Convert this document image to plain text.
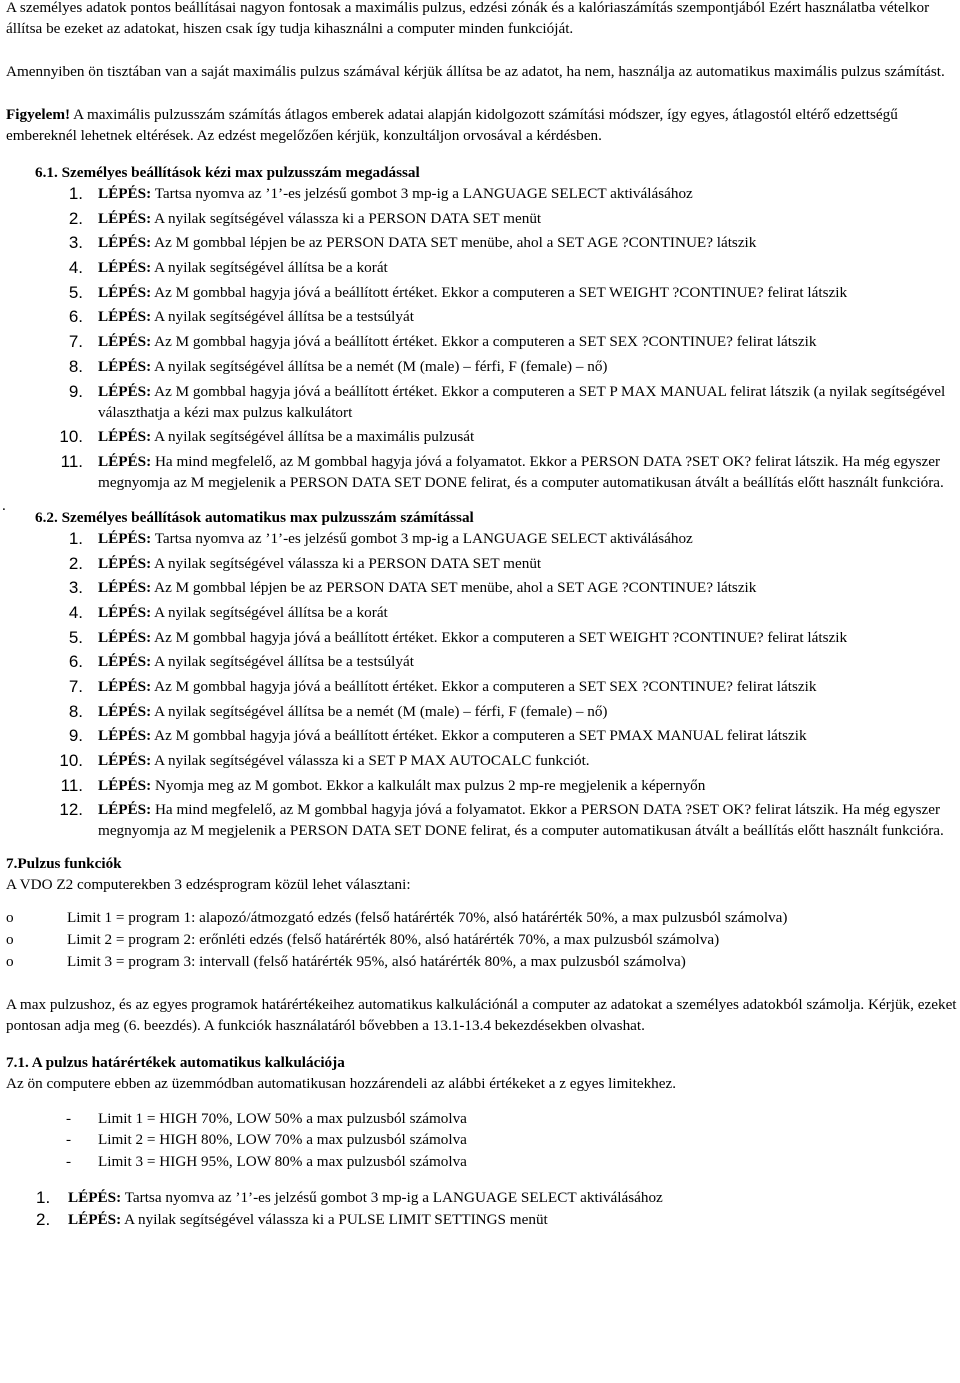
A személyes adatok pontos beállításai nagyon fontosak a maximális pulzus, edzési zónák és a kalóriaszámítás szempontjából Ezért használatba vételkor állítsa be ezeket az adatokat, hiszen csak így tudja kihasználni a computer minden funkcióját.

Amennyiben ön tisztában van a saját maximális pulzus számával kérjük állítsa be az adatot, ha nem, használja az automatikus maximális pulzus számítást.

Figyelem! A maximális pulzusszám számítás átlagos emberek adatai alapján kidolgozott számítási módszer, így egyes, átlagostól eltérő edzettségű embereknél lehetnek eltérések. Az edzést megelőzően kérjük, konzultáljon orvosával a kérdésben.

6.1. Személyes beállítások kézi max pulzusszám megadással

1. LÉPÉS: Tartsa nyomva az ’1’-es jelzésű gombot 3 mp-ig a LANGUAGE SELECT aktiválásához
2. LÉPÉS: A nyilak segítségével válassza ki a PERSON DATA SET menüt
3. LÉPÉS: Az M gombbal lépjen be az PERSON DATA SET menübe, ahol a SET AGE ?CONTINUE? látszik
4. LÉPÉS: A nyilak segítségével állítsa be a korát
5. LÉPÉS: Az M gombbal hagyja jóvá a beállított értéket. Ekkor a computeren a SET WEIGHT ?CONTINUE? felirat látszik
6. LÉPÉS: A nyilak segítségével állítsa be a testsúlyát
7. LÉPÉS: Az M gombbal hagyja jóvá a beállított értéket. Ekkor a computeren a SET SEX ?CONTINUE? felirat látszik
8. LÉPÉS: A nyilak segítségével állítsa be a nemét (M (male) – férfi, F (female) – nő)
9. LÉPÉS: Az M gombbal hagyja jóvá a beállított értéket. Ekkor a computeren a SET P MAX MANUAL felirat látszik (a nyilak segítségével választhatja a kézi max pulzus kalkulátort
10. LÉPÉS: A nyilak segítségével állítsa be a maximális pulzusát
11. LÉPÉS: Ha mind megfelelő, az M gombbal hagyja jóvá a folyamatot. Ekkor a PERSON DATA ?SET OK? felirat látszik. Ha még egyszer megnyomja az M megjelenik a PERSON DATA SET DONE felirat, és a computer automatikusan átvált a beállítás előtt használt funkcióra.
.

6.2. Személyes beállítások automatikus max pulzusszám számítással

1. LÉPÉS: Tartsa nyomva az ’1’-es jelzésű gombot 3 mp-ig a LANGUAGE SELECT aktiválásához
2. LÉPÉS: A nyilak segítségével válassza ki a PERSON DATA SET menüt
3. LÉPÉS: Az M gombbal lépjen be az PERSON DATA SET menübe, ahol a SET AGE ?CONTINUE? látszik
4. LÉPÉS: A nyilak segítségével állítsa be a korát
5. LÉPÉS: Az M gombbal hagyja jóvá a beállított értéket. Ekkor a computeren a SET WEIGHT ?CONTINUE? felirat látszik
6. LÉPÉS: A nyilak segítségével állítsa be a testsúlyát
7. LÉPÉS: Az M gombbal hagyja jóvá a beállított értéket. Ekkor a computeren a SET SEX ?CONTINUE? felirat látszik
8. LÉPÉS: A nyilak segítségével állítsa be a nemét (M (male) – férfi, F (female) – nő)
9. LÉPÉS: Az M gombbal hagyja jóvá a beállított értéket. Ekkor a computeren a SET PMAX MANUAL felirat látszik
10. LÉPÉS: A nyilak segítségével válassza ki a SET P MAX AUTOCALC funkciót.
11. LÉPÉS: Nyomja meg az M gombot. Ekkor a kalkulált max pulzus 2 mp-re megjelenik a képernyőn
12. LÉPÉS: Ha mind megfelelő, az M gombbal hagyja jóvá a folyamatot. Ekkor a PERSON DATA ?SET OK? felirat látszik. Ha még egyszer megnyomja az M megjelenik a PERSON DATA SET DONE felirat, és a computer automatikusan átvált a beállítás előtt használt funkcióra.
7.Pulzus funkciók

A VDO Z2 computerekben 3 edzésprogram közül lehet választani:

o	Limit 1 = program 1: alapozó/átmozgató edzés (felső határérték 70%, alsó határérték 50%, a max pulzusból számolva)
o	Limit 2 = program 2: erőnléti edzés (felső határérték 80%, alsó határérték 70%, a max pulzusból számolva)
o	Limit 3 = program 3: intervall (felső határérték 95%, alsó határérték 80%, a max pulzusból számolva)

A max pulzushoz, és az egyes programok határértékeihez automatikus kalkulációnál a computer az adatokat a személyes adatokból számolja. Kérjük, ezeket pontosan adja meg (6. beezdés). A funkciók használatáról bővebben a 13.1-13.4 bekezdésekben olvashat.

7.1. A pulzus határértékek automatikus kalkulációja

Az ön computere ebben az üzemmódban automatikusan hozzárendeli az alábbi értékeket a z egyes limitekhez.

- Limit 1 = HIGH 70%, LOW 50% a max pulzusból számolva
- Limit 2 = HIGH 80%, LOW 70% a max pulzusból számolva
- Limit 3 = HIGH 95%, LOW 80% a max pulzusból számolva
1. LÉPÉS: Tartsa nyomva az ’1’-es jelzésű gombot 3 mp-ig a LANGUAGE SELECT aktiválásához
2. LÉPÉS: A nyilak segítségével válassza ki a PULSE LIMIT SETTINGS menüt
